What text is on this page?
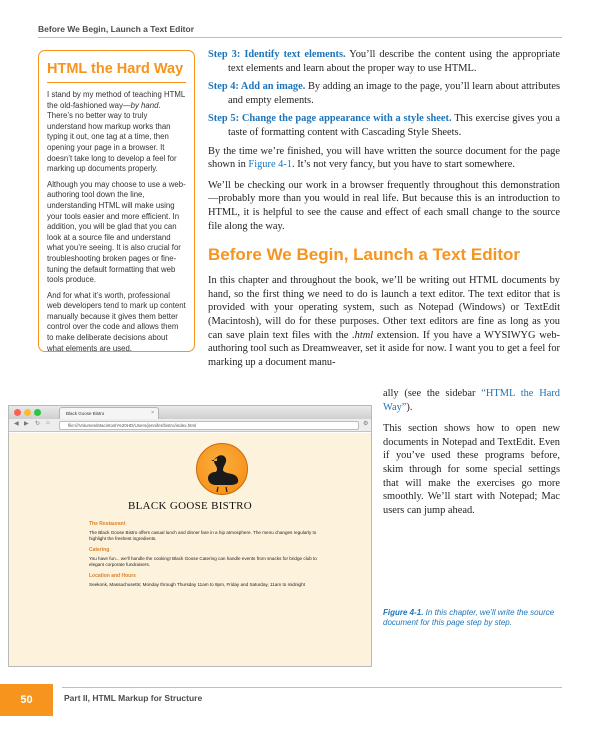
Before We Begin, Launch a Text Editor
HTML the Hard Way

I stand by my method of teaching HTML the old-fashioned way—by hand. There’s no better way to truly understand how markup works than typing it out, one tag at a time, then opening your page in a browser. It doesn’t take long to develop a feel for marking up documents properly.

Although you may choose to use a web-authoring tool down the line, understanding HTML will make using your tools easier and more efficient. In addition, you will be glad that you can look at a source file and understand what you’re seeing. It is also crucial for troubleshooting broken pages or fine-tuning the default formatting that web tools produce.

And for what it’s worth, professional web developers tend to mark up content manually because it gives them better control over the code and allows them to make deliberate decisions about what elements are used.

Step 3: Identify text elements. You’ll describe the content using the appropriate text elements and learn about the proper way to use HTML.

Step 4: Add an image. By adding an image to the page, you’ll learn about attributes and empty elements.

Step 5: Change the page appearance with a style sheet. This exercise gives you a taste of formatting content with Cascading Style Sheets.

By the time we’re finished, you will have written the source document for the page shown in Figure 4-1. It’s not very fancy, but you have to start somewhere.

We’ll be checking our work in a browser frequently throughout this demonstration—probably more than you would in real life. But because this is an introduction to HTML, it is helpful to see the cause and effect of each small change to the source file along the way.

Before We Begin, Launch a Text Editor

In this chapter and throughout the book, we’ll be writing out HTML documents by hand, so the first thing we need to do is launch a text editor. The text editor that is provided with your operating system, such as Notepad (Windows) or TextEdit (Macintosh), will do for these purposes. Other text editors are fine as long as you can save plain text files with the .html extension. If you have a WYSIWYG web-authoring tool such as Dreamweaver, set it aside for now. I want you to get a feel for marking up a document manu-

ally (see the sidebar “HTML the Hard Way”).

This section shows how to open new documents in Notepad and TextEdit. Even if you’ve used these programs before, skim through for some special settings that will make the exercises go more smoothly. We’ll start with Notepad; Mac users can jump ahead.

Black Goose Bistro	×
◀ ▶ ↻ ⌂	file:///Volumes/Macintosh%20HD/Users/jennifer/bistro/index.html	⚙
BLACK GOOSE BISTRO
The Restaurant
The Black Goose Bistro offers casual lunch and dinner fare in a hip atmosphere. The menu changes regularly to highlight the freshest ingredients.
Catering
You have fun... we’ll handle the cooking! Black Goose Catering can handle events from snacks for bridge club to elegant corporate fundraisers.
Location and Hours
Seekonk, Massachusetts; Monday through Thursday 11am to 9pm, Friday and Saturday, 11am to midnight
Figure 4-1. In this chapter, we’ll write the source document for this page step by step.
50	Part II, HTML Markup for Structure
